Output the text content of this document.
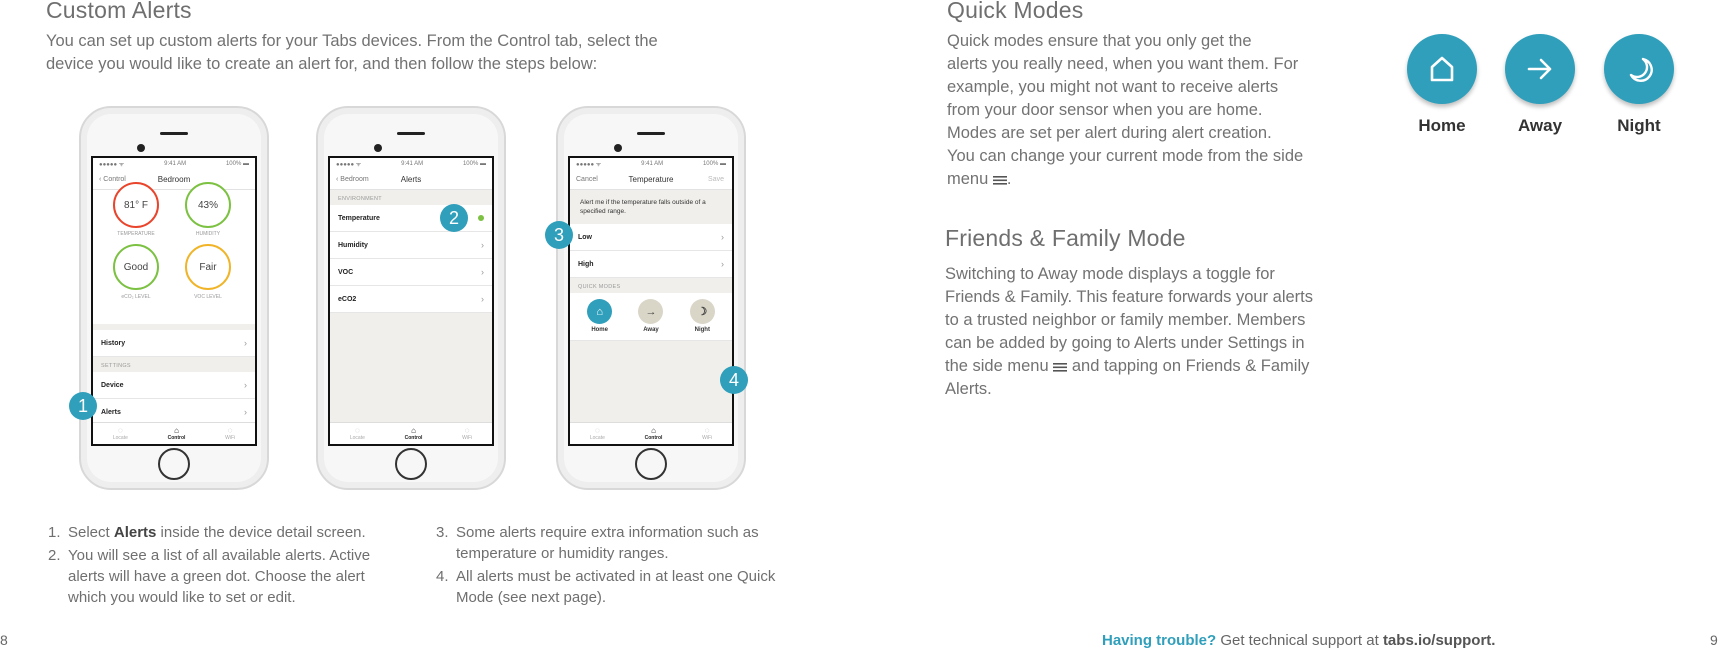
Custom Alerts
You can set up custom alerts for your Tabs devices. From the Control tab, select the
device you would like to create an alert for, and then follow the steps below:
●●●●● ᯤ	9:41 AM	100% ▬
‹ Control	Bedroom
81° F
TEMPERATURE
43%
HUMIDITY
Good
eCO₂ LEVEL
Fair
VOC LEVEL
History	›
SETTINGS
Device	›
Alerts	›
◌
Locate
⌂
Control
◌
WiFi
●●●●● ᯤ	9:41 AM	100% ▬
‹ Bedroom	Alerts
ENVIRONMENT
Temperature
Humidity	›
VOC	›
eCO2	›
◌
Locate
⌂
Control
◌
WiFi
●●●●● ᯤ	9:41 AM	100% ▬
Cancel	Temperature	Save
Alert me if the temperature falls outside of a specified range.
Low	›
High	›
QUICK MODES
⌂
Home
→
Away
☽
Night
◌
Locate
⌂
Control
◌
WiFi
1
2
3
4
1. Select Alerts inside the device detail screen.
2. You will see a list of all available alerts. Active alerts will have a green dot. Choose the alert which you would like to set or edit.
3. Some alerts require extra information such as temperature or humidity ranges.
4. All alerts must be activated in at least one Quick Mode (see next page).
Quick Modes
Quick modes ensure that you only get the
alerts you really need, when you want them. For
example, you might not want to receive alerts
from your door sensor when you are home.
Modes are set per alert during alert creation.
You can change your current mode from the side
menu .
Home	Away	Night
Friends & Family Mode
Switching to Away mode displays a toggle for
Friends & Family. This feature forwards your alerts
to a trusted neighbor or family member. Members
can be added by going to Alerts under Settings in
the side menu and tapping on Friends & Family
Alerts.
8	Having trouble? Get technical support at tabs.io/support.	9
